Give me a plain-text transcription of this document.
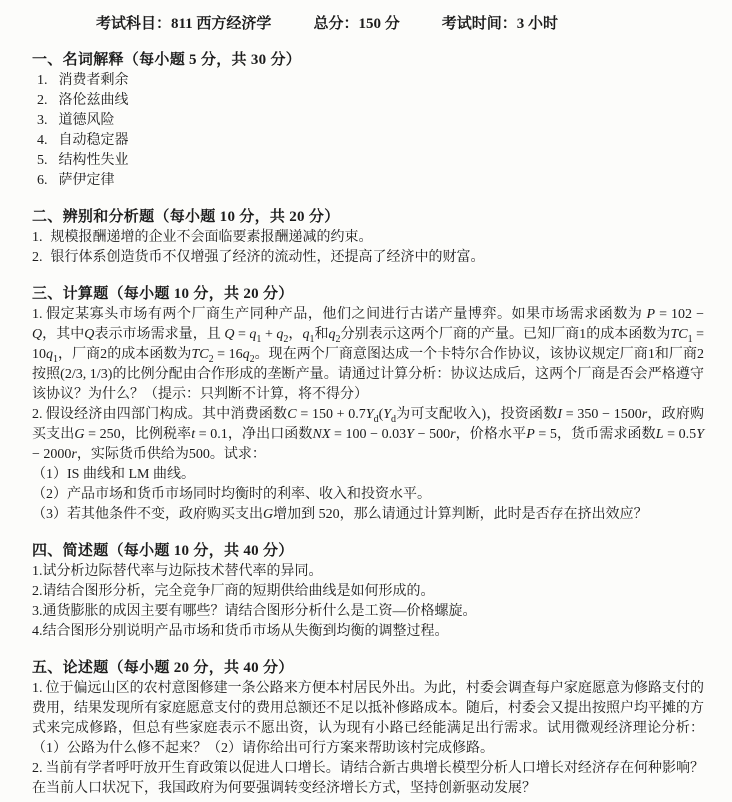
考试科目：811 西方经济学	总分：150 分	考试时间：3 小时
一、名词解释（每小题 5 分，共 30 分）
1. 消费者剩余
2. 洛伦兹曲线
3. 道德风险
4. 自动稳定器
5. 结构性失业
6. 萨伊定律
二、辨别和分析题（每小题 10 分，共 20 分）
1. 规模报酬递增的企业不会面临要素报酬递减的约束。
2. 银行体系创造货币不仅增强了经济的流动性，还提高了经济中的财富。
三、计算题（每小题 10 分，共 20 分）
1. 假定某寡头市场有两个厂商生产同种产品，他们之间进行古诺产量博弈。如果市场需求函数为 P = 102 − Q，其中Q表示市场需求量，且 $Q = q_1 + q_2$，$q_1$和$q_2$分别表示这两个厂商的产量。已知厂商1的成本函数为$TC_1 = 10q_1$，厂商2的成本函数为$TC_2 = 16q_2$。现在两个厂商意图达成一个卡特尔合作协议，该协议规定厂商1和厂商2按照(2/3, 1/3)的比例分配由合作形成的垄断产量。请通过计算分析：协议达成后，这两个厂商是否会严格遵守该协议？为什么？（提示：只判断不计算，将不得分）
2. 假设经济由四部门构成。其中消费函数$C = 150 + 0.7Y_d(Y_d$为可支配收入)，投资函数I = 350 − 1500r，政府购买支出G = 250，比例税率t = 0.1，净出口函数NX = 100 − 0.03Y − 500r，价格水平P = 5，货币需求函数L = 0.5Y − 2000r，实际货币供给为500。试求：
（1）IS 曲线和 LM 曲线。
（2）产品市场和货币市场同时均衡时的利率、收入和投资水平。
（3）若其他条件不变，政府购买支出G增加到 520，那么请通过计算判断，此时是否存在挤出效应？
四、简述题（每小题 10 分，共 40 分）
1.试分析边际替代率与边际技术替代率的异同。
2.请结合图形分析，完全竞争厂商的短期供给曲线是如何形成的。
3.通货膨胀的成因主要有哪些？请结合图形分析什么是工资—价格螺旋。
4.结合图形分别说明产品市场和货币市场从失衡到均衡的调整过程。
五、论述题（每小题 20 分，共 40 分）
1. 位于偏远山区的农村意图修建一条公路来方便本村居民外出。为此，村委会调查每户家庭愿意为修路支付的费用，结果发现所有家庭愿意支付的费用总额还不足以抵补修路成本。随后，村委会又提出按照户均平摊的方式来完成修路，但总有些家庭表示不愿出资，认为现有小路已经能满足出行需求。试用微观经济理论分析：（1）公路为什么修不起来？（2）请你给出可行方案来帮助该村完成修路。
2. 当前有学者呼吁放开生育政策以促进人口增长。请结合新古典增长模型分析人口增长对经济存在何种影响？在当前人口状况下，我国政府为何要强调转变经济增长方式，坚持创新驱动发展？
